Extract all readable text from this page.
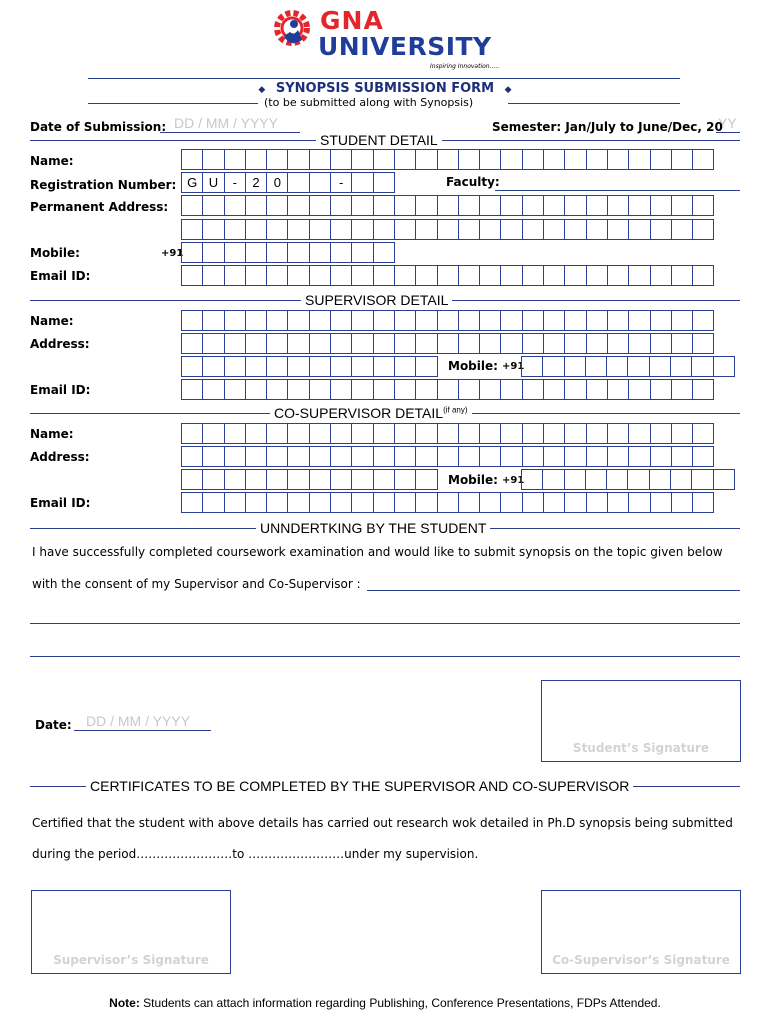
GNA
UNIVERSITY
Inspiring Innovation.....
◆ SYNOPSIS SUBMISSION FORM ◆
(to be submitted along with Synopsis)
Date of Submission: DD / MM / YYYY	Semester: Jan/July to June/Dec, 20
YY
STUDENT DETAIL
Name:
Registration Number: G U	-	2	0	-	Faculty:
Permanent Address:
Mobile:	+91
Email ID:
SUPERVISOR DETAIL
Name:
Address:
Mobile: +91
Email ID:
CO-SUPERVISOR $DETAIL^{(if any)}$
Name:
Address:
Mobile: +91
Email ID:
UNNDERTKING BY THE STUDENT
I have successfully completed coursework examination and would like to submit synopsis on the topic given below
with the consent of my Supervisor and Co-Supervisor :
Date: DD / MM / YYYY
Student’s Signature
CERTIFICATES TO BE COMPLETED BY THE SUPERVISOR AND CO-SUPERVISOR
Certified that the student with above details has carried out research wok detailed in Ph.D synopsis being submitted
during the period……………………to ……………………under my supervision.
Supervisor’s Signature	Co-Supervisor’s Signature
Note: Students can attach information regarding Publishing, Conference Presentations, FDPs Attended.
